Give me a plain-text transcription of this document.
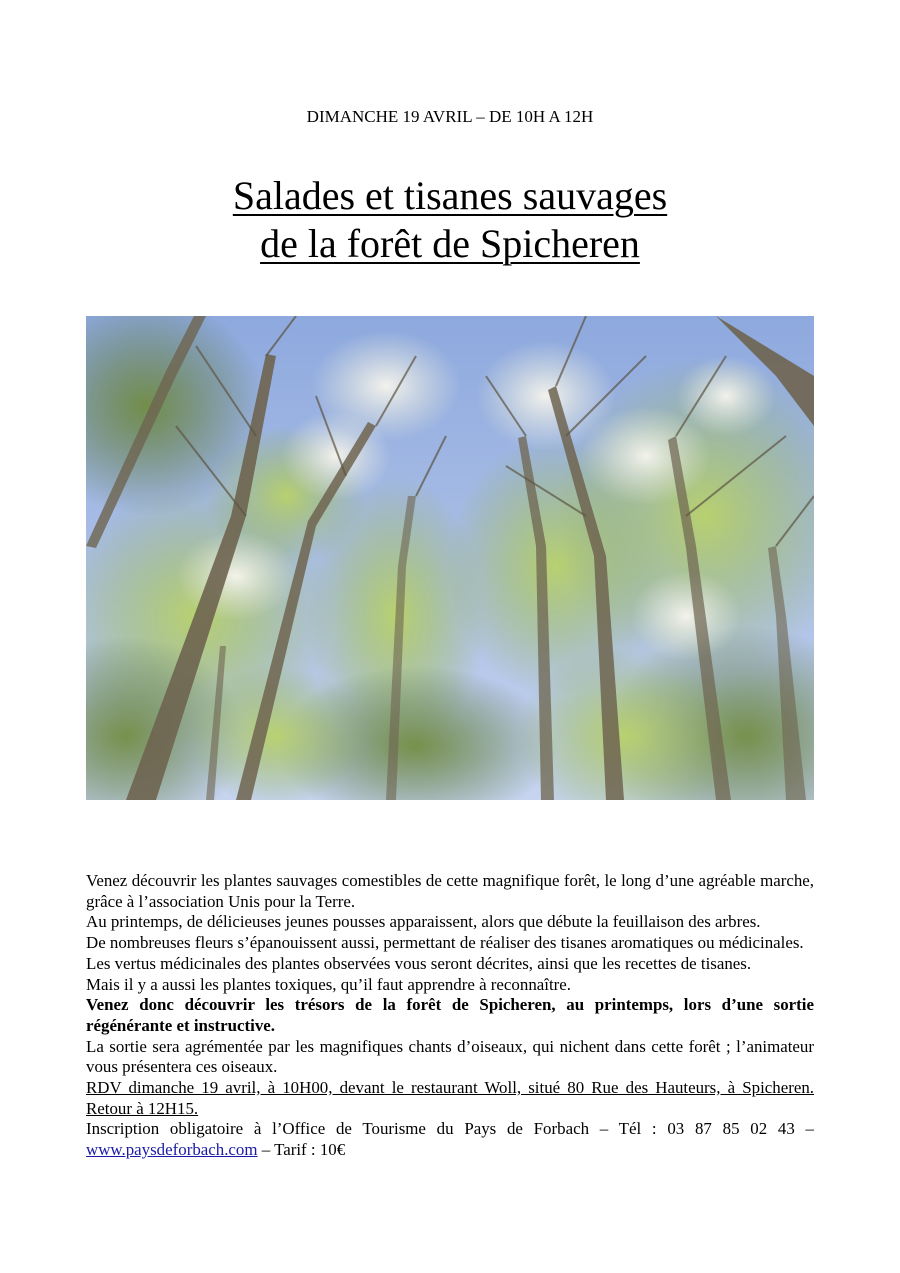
DIMANCHE 19 AVRIL – DE 10H A 12H
Salades et tisanes sauvages
de la forêt de Spicheren

Venez découvrir les plantes sauvages comestibles de cette magnifique forêt, le long d’une agréable marche, grâce à l’association Unis pour la Terre.

Au printemps, de délicieuses jeunes pousses apparaissent, alors que débute la feuillaison des arbres.

De nombreuses fleurs s’épanouissent aussi, permettant de réaliser des tisanes aromatiques ou médicinales.

Les vertus médicinales des plantes observées vous seront décrites, ainsi que les recettes de tisanes.

Mais il y a aussi les plantes toxiques, qu’il faut apprendre à reconnaître.

Venez donc découvrir les trésors de la forêt de Spicheren, au printemps, lors d’une sortie régénérante et instructive.

La sortie sera agrémentée par les magnifiques chants d’oiseaux, qui nichent dans cette forêt ; l’animateur vous présentera ces oiseaux.

RDV dimanche 19 avril, à 10H00, devant le restaurant Woll, situé 80 Rue des Hauteurs, à Spicheren. Retour à 12H15.

Inscription obligatoire à l’Office de Tourisme du Pays de Forbach – Tél : 03 87 85 02 43 – www.paysdeforbach.com – Tarif : 10€
